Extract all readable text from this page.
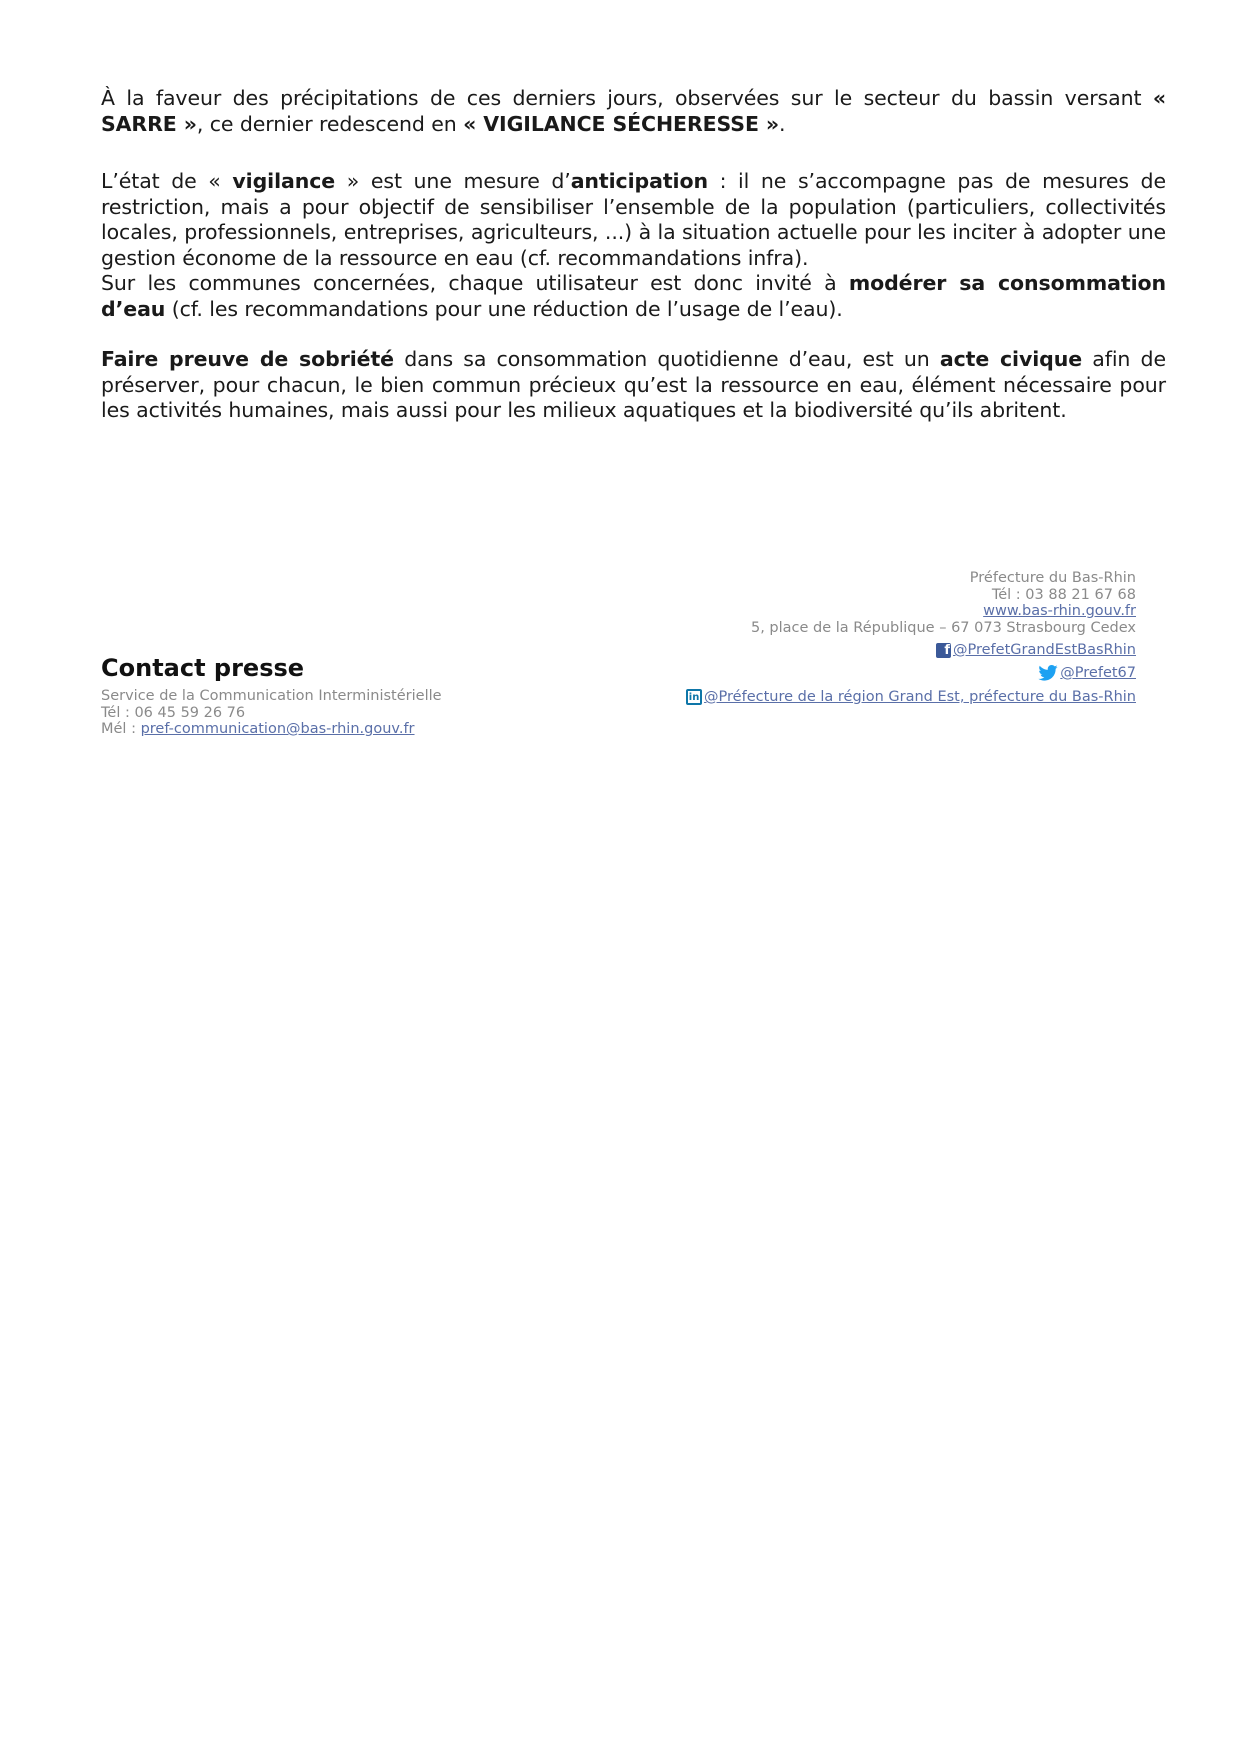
À la faveur des précipitations de ces derniers jours, observées sur le secteur du bassin versant « SARRE », ce dernier redescend en « VIGILANCE SÉCHERESSE ».

L’état de « vigilance » est une mesure d’anticipation : il ne s’accompagne pas de mesures de restriction, mais a pour objectif de sensibiliser l’ensemble de la population (particuliers, collectivités locales, professionnels, entreprises, agriculteurs, ...) à la situation actuelle pour les inciter à adopter une gestion économe de la ressource en eau (cf. recommandations infra).

Sur les communes concernées, chaque utilisateur est donc invité à modérer sa consommation d’eau (cf. les recommandations pour une réduction de l’usage de l’eau).

Faire preuve de sobriété dans sa consommation quotidienne d’eau, est un acte civique afin de préserver, pour chacun, le bien commun précieux qu’est la ressource en eau, élément nécessaire pour les activités humaines, mais aussi pour les milieux aquatiques et la biodiversité qu’ils abritent.

Préfecture du Bas-Rhin
Tél : 03 88 21 67 68
www.bas-rhin.gouv.fr
5, place de la République – 67 073 Strasbourg Cedex
f @PrefetGrandEstBasRhin
@Prefet67
in @Préfecture de la région Grand Est, préfecture du Bas-Rhin
Contact presse
Service de la Communication Interministérielle
Tél : 06 45 59 26 76
Mél : pref-communication@bas-rhin.gouv.fr
